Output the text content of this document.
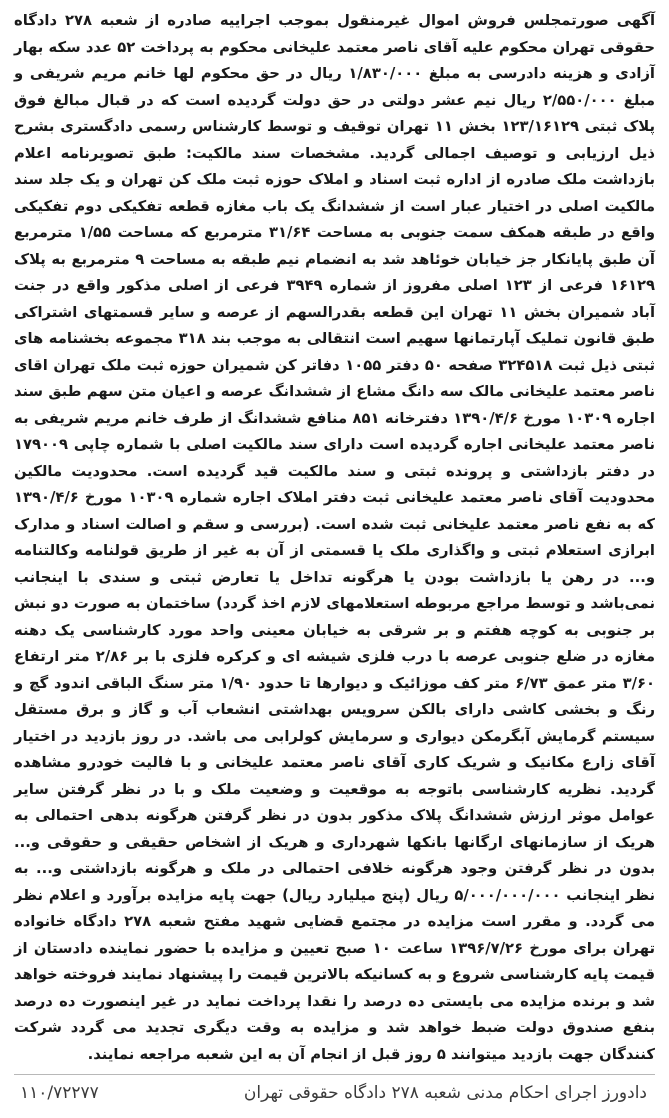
آگهی صورتمجلس فروش اموال غیرمنقول بموجب اجراییه صادره از شعبه ۲۷۸ دادگاه حقوقی تهران محکوم علیه آقای ناصر معتمد علیخانی محکوم به پرداخت ۵۲ عدد سکه بهار آزادی و هزینه دادرسی به مبلغ ۱/۸۳۰/۰۰۰ ریال در حق محکوم لها خانم مریم شریفی و مبلغ ۲/۵۵۰/۰۰۰ ریال نیم عشر دولتی در حق دولت گردیده است که در قبال مبالغ فوق پلاک ثبتی ۱۲۳/۱۶۱۲۹ بخش ۱۱ تهران توقیف و توسط کارشناس رسمی دادگستری بشرح ذیل ارزیابی و توصیف اجمالی گردید. مشخصات سند مالکیت: طبق تصویرنامه اعلام بازداشت ملک صادره از اداره ثبت اسناد و املاک حوزه ثبت ملک کن تهران و یک جلد سند مالکیت اصلی در اختیار عبار است از ششدانگ یک باب مغازه قطعه تفکیکی دوم تفکیکی واقع در طبقه همکف سمت جنوبی به مساحت ۳۱/۶۴ مترمربع که مساحت ۱/۵۵ مترمربع آن طبق پایانکار جز خیابان خوئاهد شد به انضمام نیم طبقه به مساحت ۹ مترمربع به پلاک ۱۶۱۲۹ فرعی از ۱۲۳ اصلی مفروز از شماره ۳۹۴۹ فرعی از اصلی مذکور واقع در جنت آباد شمیران بخش ۱۱ تهران این قطعه بقدرالسهم از عرصه و سایر قسمتهای اشتراکی طبق قانون تملیک آپارتمانها سهیم است انتقالی به موجب بند ۳۱۸ مجموعه بخشنامه های ثبتی ذیل ثبت ۳۲۴۵۱۸ صفحه ۵۰ دفتر ۱۰۵۵ دفاتر کن شمیران حوزه ثبت ملک تهران اقای ناصر معتمد علیخانی مالک سه دانگ مشاع از ششدانگ عرصه و اعیان متن سهم طبق سند اجاره ۱۰۳۰۹ مورخ ۱۳۹۰/۴/۶ دفترخانه ۸۵۱ منافع ششدانگ از طرف خانم مریم شریفی به ناصر معتمد علیخانی اجاره گردیده است دارای سند مالکیت اصلی با شماره چاپی ۱۷۹۰۰۹ در دفتر بازداشتی و پرونده ثبتی و سند مالکیت قید گردیده است. محدودیت مالکین محدودیت آقای ناصر معتمد علیخانی ثبت دفتر املاک اجاره شماره ۱۰۳۰۹ مورخ ۱۳۹۰/۴/۶ که به نفع ناصر معتمد علیخانی ثبت شده است. (بررسی و سقم و اصالت اسناد و مدارک ابرازی استعلام ثبتی و واگذاری ملک یا قسمتی از آن به غیر از طریق قولنامه وکالتنامه و... در رهن یا بازداشت بودن یا هرگونه تداخل یا تعارض ثبتی و سندی با اینجانب نمی‌باشد و توسط مراجع مربوطه استعلامهای لازم اخذ گردد) ساختمان به صورت دو نبش بر جنوبی به کوچه هفتم و بر شرقی به خیابان معینی واحد مورد کارشناسی یک دهنه مغازه در ضلع جنوبی عرصه با درب فلزی شیشه ای و کرکره فلزی با بر ۲/۸۶ متر ارتفاع ۳/۶۰ متر عمق ۶/۷۳ متر کف موزائیک و دیوارها تا حدود ۱/۹۰ متر سنگ الباقی اندود گچ و رنگ و بخشی کاشی دارای بالکن سرویس بهداشتی انشعاب آب و گاز و برق مستقل سیستم گرمایش آبگرمکن دیواری و سرمایش کولرابی می باشد. در روز بازدید در اختیار آقای زارع مکانیک و شریک کاری آقای ناصر معتمد علیخانی و با فالیت خودرو مشاهده گردید. نظریه کارشناسی باتوجه به موقعیت و وضعیت ملک و با در نظر گرفتن سایر عوامل موثر ارزش ششدانگ پلاک مذکور بدون در نظر گرفتن هرگونه بدهی احتمالی به هریک از سازمانهای ارگانها بانکها شهرداری و هریک از اشخاص حقیقی و حقوقی و... بدون در نظر گرفتن وجود هرگونه خلافی احتمالی در ملک و هرگونه بازداشتی و... به نظر اینجانب ۵/۰۰۰/۰۰۰/۰۰۰ ریال (پنج میلیارد ریال) جهت پایه مزایده برآورد و اعلام نظر می گردد. و مقرر است مزایده در مجتمع قضایی شهید مفتح شعبه ۲۷۸ دادگاه خانواده تهران برای مورخ ۱۳۹۶/۷/۲۶ ساعت ۱۰ صبح تعیین و مزایده با حضور نماینده دادستان از قیمت پایه کارشناسی شروع و به کسانیکه بالاترین قیمت را پیشنهاد نمایند فروخته خواهد شد و برنده مزایده می بایستی ده درصد را نقدا پرداخت نماید در غیر اینصورت ده درصد بنفع صندوق دولت ضبط خواهد شد و مزایده به وقت دیگری تجدید می گردد شرکت کنندگان جهت بازدید میتوانند ۵ روز قبل از انجام آن به این شعبه مراجعه نمایند.

دادورز اجرای احکام مدنی شعبه ۲۷۸ دادگاه حقوقی تهران
۱۱۰/۷۲۲۷۷
